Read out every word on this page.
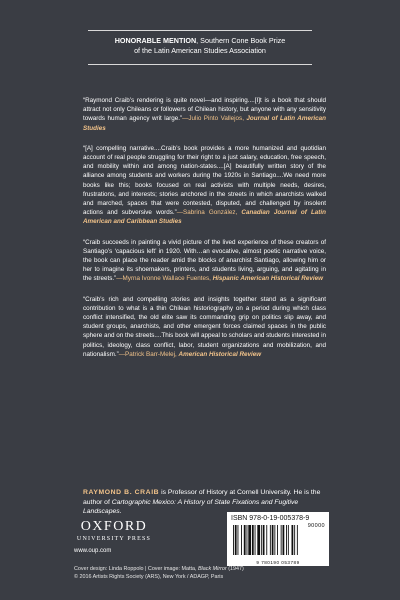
HONORABLE MENTION, Southern Cone Book Prize
of the Latin American Studies Association

“Raymond Craib’s rendering is quite novel—and inspiring....[I]t is a book that should attract not only Chileans or followers of Chilean history, but anyone with any sensitivity towards human agency writ large.”—Julio Pinto Vallejos, Journal of Latin American Studies

“[A] compelling narrative....Craib’s book provides a more humanized and quotidian account of real people struggling for their right to a just salary, education, free speech, and mobility within and among nation-states....[A] beautifully written story of the alliance among students and workers during the 1920s in Santiago....We need more books like this; books focused on real activists with multiple needs, desires, frustrations, and interests; stories anchored in the streets in which anarchists walked and marched, spaces that were contested, disputed, and challenged by insolent actions and subversive words.”—Sabrina González, Canadian Journal of Latin American and Caribbean Studies

“Craib succeeds in painting a vivid picture of the lived experience of these creators of Santiago’s ‘capacious left’ in 1920. With…an evocative, almost poetic narrative voice, the book can place the reader amid the blocks of anarchist Santiago, allowing him or her to imagine its shoemakers, printers, and students living, arguing, and agitating in the streets.”—Myrna Ivonne Wallace Fuentes, Hispanic American Historical Review

“Craib’s rich and compelling stories and insights together stand as a significant contribution to what is a thin Chilean historiography on a period during which class conflict intensified, the old elite saw its commanding grip on politics slip away, and student groups, anarchists, and other emergent forces claimed spaces in the public sphere and on the streets....This book will appeal to scholars and students interested in politics, ideology, class conflict, labor, student organizations and mobilization, and nationalism.”—Patrick Barr-Melej, American Historical Review

RAYMOND B. CRAIB is Professor of History at Cornell University. He is the author of Cartographic Mexico: A History of State Fixations and Fugitive Landscapes.

OXFORD
UNIVERSITY PRESS
www.oup.com
Cover design: Linda Roppolo | Cover image: Matta, Black Mirror (1947)
© 2016 Artists Rights Society (ARS), New York / ADAGP, Paris
ISBN 978-0-19-005378-9
90000
9 780190 053789
